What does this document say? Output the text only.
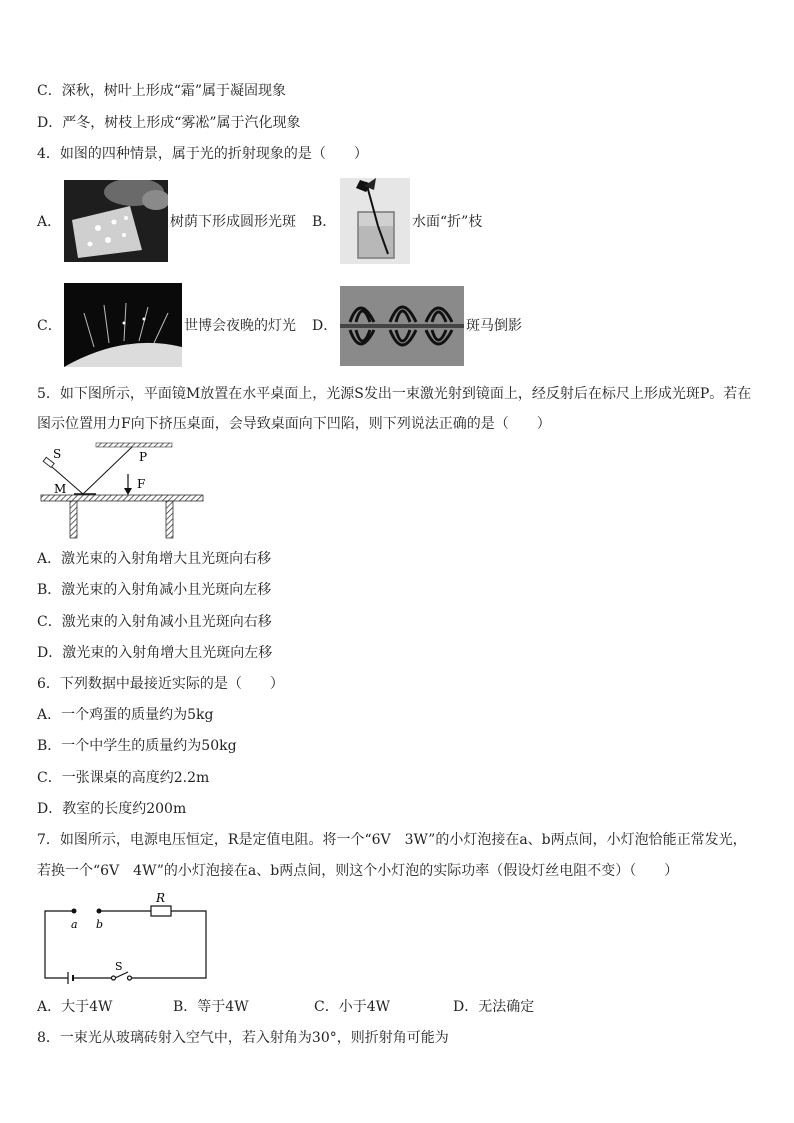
C．深秋，树叶上形成“霜”属于凝固现象
D．严冬，树枝上形成“雾凇”属于汽化现象
4．如图的四种情景，属于光的折射现象的是（　　）
A．	树荫下形成圆形光斑 B．	水面“折”枝
C．	世博会夜晚的灯光 D．	斑马倒影
5．如下图所示，平面镜M放置在水平桌面上，光源S发出一束激光射到镜面上，经反射后在标尺上形成光斑P。若在
图示位置用力F向下挤压桌面，会导致桌面向下凹陷，则下列说法正确的是（　　）
S	P
M	F
A．激光束的入射角增大且光斑向右移
B．激光束的入射角减小且光斑向左移
C．激光束的入射角减小且光斑向右移
D．激光束的入射角增大且光斑向左移
6．下列数据中最接近实际的是（　　）
A．一个鸡蛋的质量约为5kg
B．一个中学生的质量约为50kg
C．一张课桌的高度约2.2m
D．教室的长度约200m
7．如图所示，电源电压恒定，R是定值电阻。将一个“6V　3W”的小灯泡接在a、b两点间，小灯泡恰能正常发光，
若换一个“6V　4W”的小灯泡接在a、b两点间，则这个小灯泡的实际功率（假设灯丝电阻不变）（　　）
a b
R
S
A．大于4W	B．等于4W	C．小于4W	D．无法确定
8．一束光从玻璃砖射入空气中，若入射角为30°，则折射角可能为
